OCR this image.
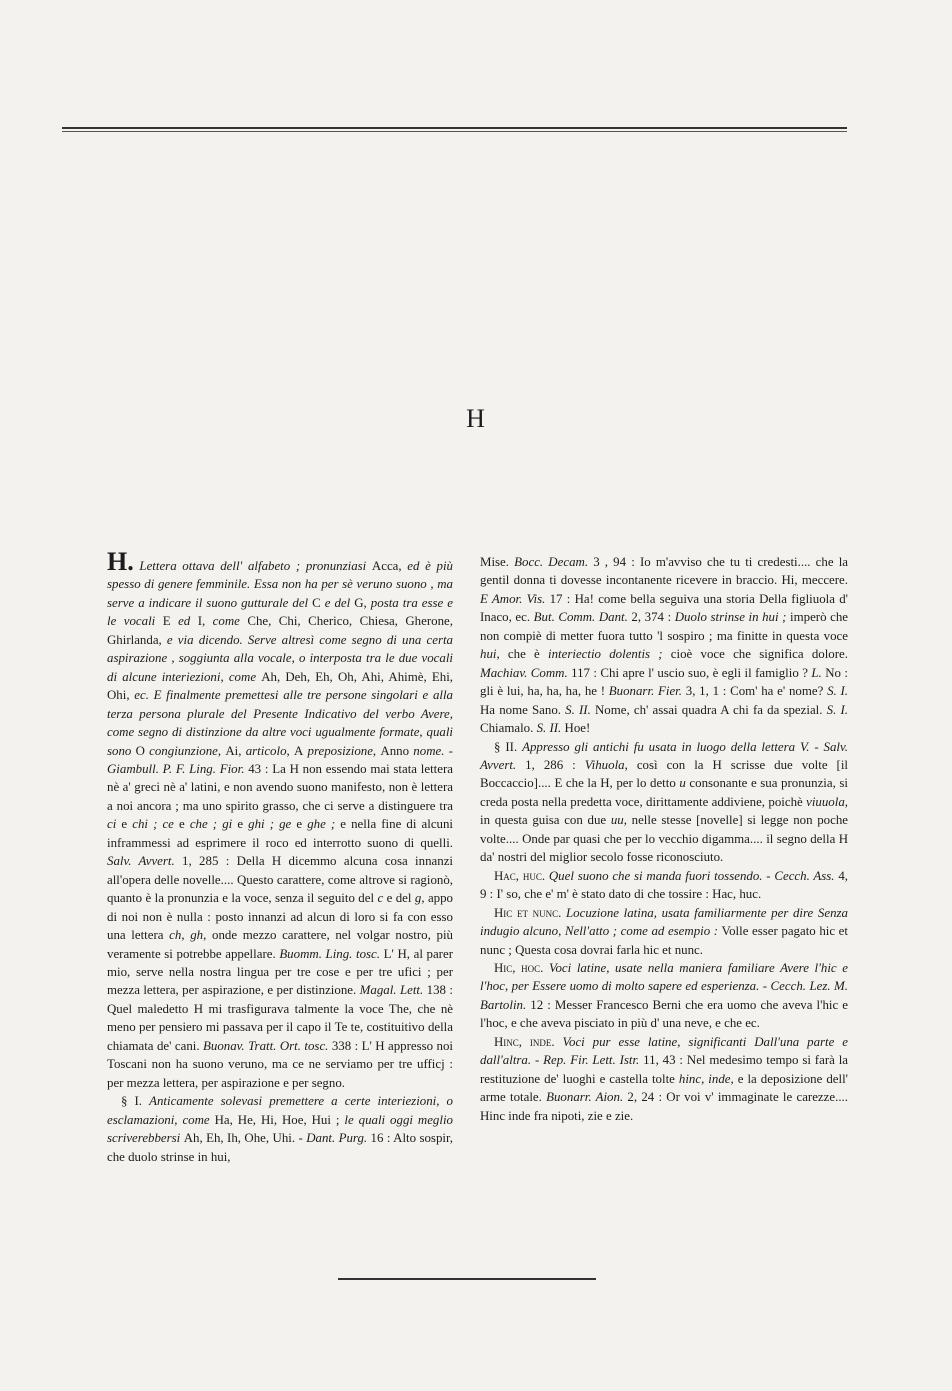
H

H. Lettera ottava dell' alfabeto ; pronunziasi Acca, ed è più spesso di genere femminile. Essa non ha per sè veruno suono , ma serve a indicare il suono gutturale del C e del G, posta tra esse e le vocali E ed I, come Che, Chi, Cherico, Chiesa, Gherone, Ghirlanda, e via dicendo. Serve altresì come segno di una certa aspirazione , soggiunta alla vocale, o interposta tra le due vocali di alcune interiezioni, come Ah, Deh, Eh, Oh, Ahi, Ahimè, Ehi, Ohi, ec. E finalmente premettesi alle tre persone singolari e alla terza persona plurale del Presente Indicativo del verbo Avere, come segno di distinzione da altre voci ugualmente formate, quali sono O congiunzione, Ai, articolo, A preposizione, Anno nome. - Giambull. P. F. Ling. Fior. 43 : La H non essendo mai stata lettera nè a' greci nè a' latini, e non avendo suono manifesto, non è lettera a noi ancora ; ma uno spirito grasso, che ci serve a distinguere tra ci e chi ; ce e che ; gi e ghi ; ge e ghe ; e nella fine di alcuni inframmessi ad esprimere il roco ed interrotto suono di quelli. Salv. Avvert. 1, 285 : Della H dicemmo alcuna cosa innanzi all'opera delle novelle.... Questo carattere, come altrove si ragionò, quanto è la pronunzia e la voce, senza il seguito del c e del g, appo di noi non è nulla : posto innanzi ad alcun di loro si fa con esso una lettera ch, gh, onde mezzo carattere, nel volgar nostro, più veramente si potrebbe appellare. Buomm. Ling. tosc. L' H, al parer mio, serve nella nostra lingua per tre cose e per tre ufici ; per mezza lettera, per aspirazione, e per distinzione. Magal. Lett. 138 : Quel maledetto H mi trasfigurava talmente la voce The, che nè meno per pensiero mi passava per il capo il Te te, costituitivo della chiamata de' cani. Buonav. Tratt. Ort. tosc. 338 : L' H appresso noi Toscani non ha suono veruno, ma ce ne serviamo per tre ufficj : per mezza lettera, per aspirazione e per segno.

§ I. Anticamente solevasi premettere a certe interiezioni, o esclamazioni, come Ha, He, Hi, Hoe, Hui ; le quali oggi meglio scriverebbersi Ah, Eh, Ih, Ohe, Uhi. - Dant. Purg. 16 : Alto sospir, che duolo strinse in hui,

Mise. Bocc. Decam. 3 , 94 : Io m'avviso che tu ti credesti.... che la gentil donna ti dovesse incontanente ricevere in braccio. Hi, meccere. E Amor. Vis. 17 : Ha! come bella seguiva una storia Della figliuola d' Inaco, ec. But. Comm. Dant. 2, 374 : Duolo strinse in hui ; imperò che non compiè di metter fuora tutto 'l sospiro ; ma finitte in questa voce hui, che è interiectio dolentis ; cioè voce che significa dolore. Machiav. Comm. 117 : Chi apre l' uscio suo, è egli il famiglio ? L. No : gli è lui, ha, ha, ha, he ! Buonarr. Fier. 3, 1, 1 : Com' ha e' nome? S. I. Ha nome Sano. S. II. Nome, ch' assai quadra A chi fa da spezial. S. I. Chiamalo. S. II. Hoe!

§ II. Appresso gli antichi fu usata in luogo della lettera V. - Salv. Avvert. 1, 286 : Vihuola, così con la H scrisse due volte [il Boccaccio].... E che la H, per lo detto u consonante e sua pronunzia, si creda posta nella predetta voce, dirittamente addiviene, poichè viuuola, in questa guisa con due uu, nelle stesse [novelle] si legge non poche volte.... Onde par quasi che per lo vecchio digamma.... il segno della H da' nostri del miglior secolo fosse riconosciuto.

Hac, huc. Quel suono che si manda fuori tossendo. - Cecch. Ass. 4, 9 : I' so, che e' m' è stato dato di che tossire : Hac, huc.

Hic et nunc. Locuzione latina, usata familiarmente per dire Senza indugio alcuno, Nell'atto ; come ad esempio : Volle esser pagato hic et nunc ; Questa cosa dovrai farla hic et nunc.

Hic, hoc. Voci latine, usate nella maniera familiare Avere l'hic e l'hoc, per Essere uomo di molto sapere ed esperienza. - Cecch. Lez. M. Bartolin. 12 : Messer Francesco Berni che era uomo che aveva l'hic e l'hoc, e che aveva pisciato in più d' una neve, e che ec.

Hinc, inde. Voci pur esse latine, significanti Dall'una parte e dall'altra. - Rep. Fir. Lett. Istr. 11, 43 : Nel medesimo tempo si farà la restituzione de' luoghi e castella tolte hinc, inde, e la deposizione dell' arme totale. Buonarr. Aion. 2, 24 : Or voi v' immaginate le carezze.... Hinc inde fra nipoti, zie e zie.
